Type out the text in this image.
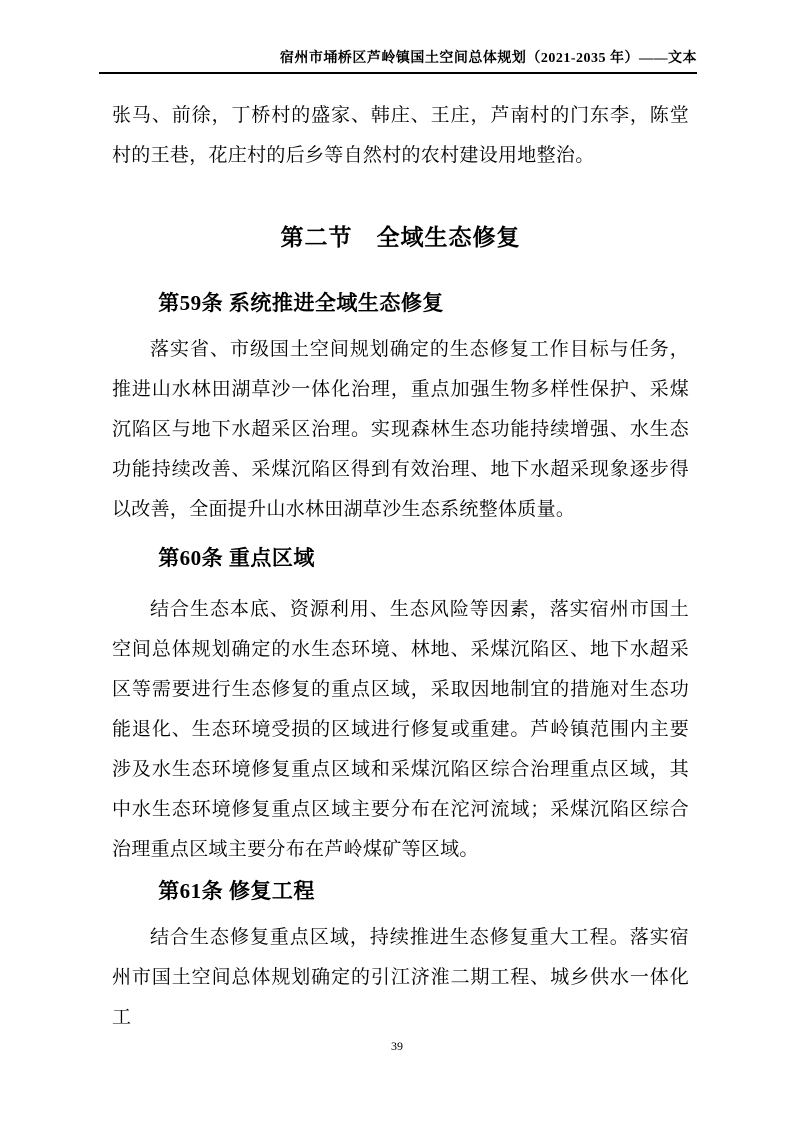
宿州市埇桥区芦岭镇国土空间总体规划（2021-2035 年）——文本

张马、前徐，丁桥村的盛家、韩庄、王庄，芦南村的门东李，陈堂村的王巷，花庄村的后乡等自然村的农村建设用地整治。

第二节　全域生态修复
第59条 系统推进全域生态修复

落实省、市级国土空间规划确定的生态修复工作目标与任务，推进山水林田湖草沙一体化治理，重点加强生物多样性保护、采煤沉陷区与地下水超采区治理。实现森林生态功能持续增强、水生态功能持续改善、采煤沉陷区得到有效治理、地下水超采现象逐步得以改善，全面提升山水林田湖草沙生态系统整体质量。

第60条 重点区域

结合生态本底、资源利用、生态风险等因素，落实宿州市国土空间总体规划确定的水生态环境、林地、采煤沉陷区、地下水超采区等需要进行生态修复的重点区域，采取因地制宜的措施对生态功能退化、生态环境受损的区域进行修复或重建。芦岭镇范围内主要涉及水生态环境修复重点区域和采煤沉陷区综合治理重点区域，其中水生态环境修复重点区域主要分布在沱河流域；采煤沉陷区综合治理重点区域主要分布在芦岭煤矿等区域。

第61条 修复工程

结合生态修复重点区域，持续推进生态修复重大工程。落实宿州市国土空间总体规划确定的引江济淮二期工程、城乡供水一体化工

39
